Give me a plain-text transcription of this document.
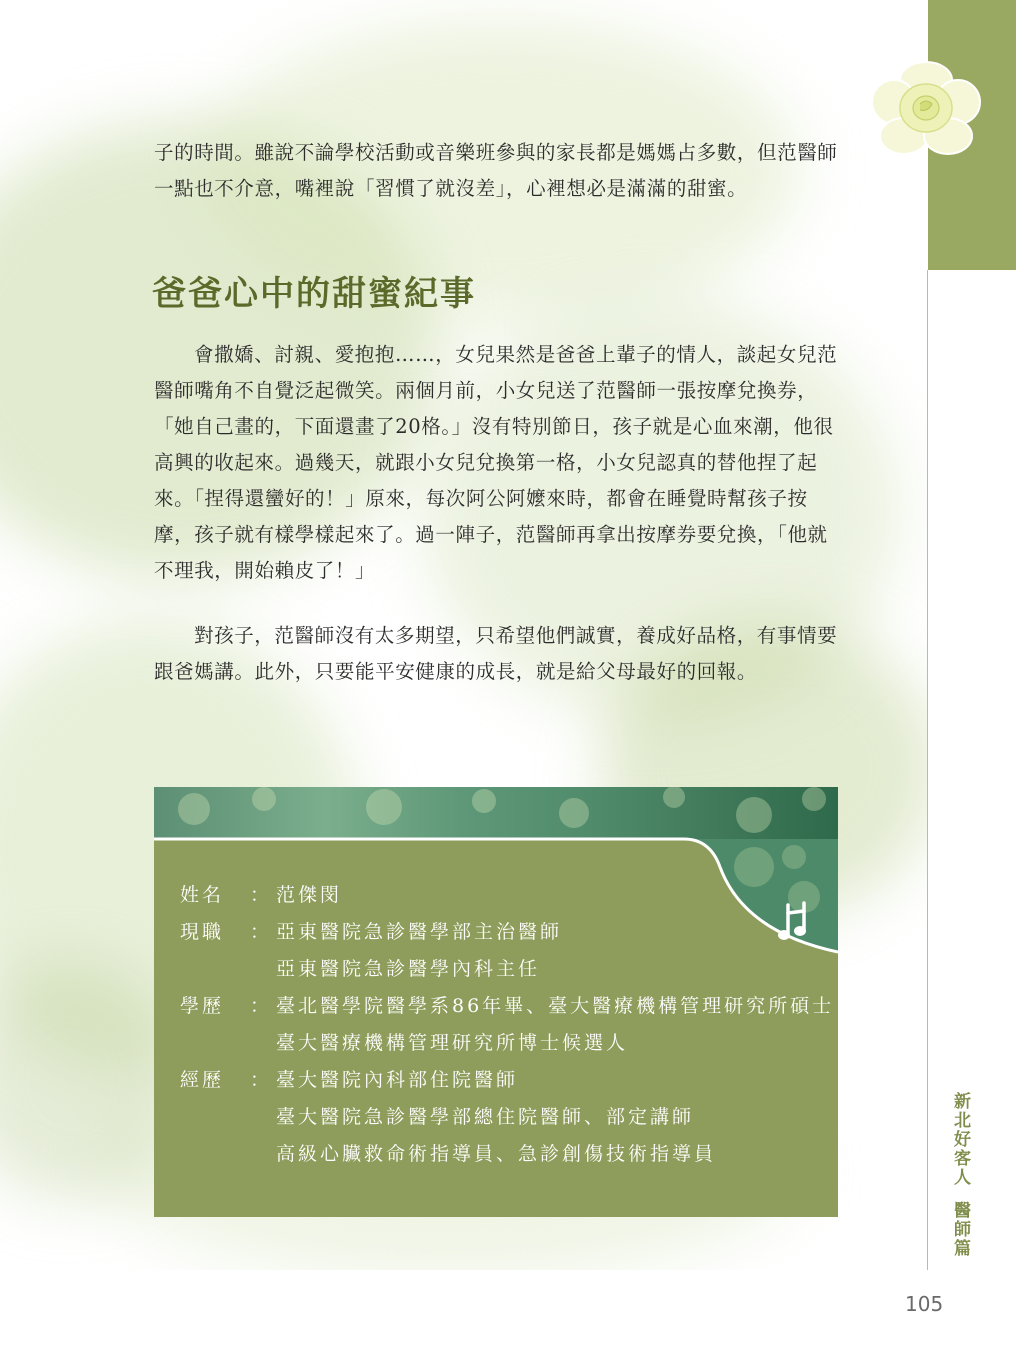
子的時間。雖說不論學校活動或音樂班參與的家長都是媽媽占多數，但范醫師一點也不介意，嘴裡說「習慣了就沒差」，心裡想必是滿滿的甜蜜。

爸爸心中的甜蜜紀事

會撒嬌、討親、愛抱抱……，女兒果然是爸爸上輩子的情人，談起女兒范醫師嘴角不自覺泛起微笑。兩個月前，小女兒送了范醫師一張按摩兌換券，「她自己畫的，下面還畫了20格。」沒有特別節日，孩子就是心血來潮，他很高興的收起來。過幾天，就跟小女兒兌換第一格，小女兒認真的替他捏了起來。「捏得還蠻好的！」原來，每次阿公阿嬤來時，都會在睡覺時幫孩子按摩，孩子就有樣學樣起來了。過一陣子，范醫師再拿出按摩券要兌換，「他就不理我，開始賴皮了！」

對孩子，范醫師沒有太多期望，只希望他們誠實，養成好品格，有事情要跟爸媽講。此外，只要能平安健康的成長，就是給父母最好的回報。

姓名	： 范傑閔
現職	： 亞東醫院急診醫學部主治醫師
亞東醫院急診醫學內科主任
學歷	： 臺北醫學院醫學系86年畢、臺大醫療機構管理研究所碩士
臺大醫療機構管理研究所博士候選人
經歷	： 臺大醫院內科部住院醫師
臺大醫院急診醫學部總住院醫師、部定講師
高級心臟救命術指導員、急診創傷技術指導員	新北好客人醫師篇
105
